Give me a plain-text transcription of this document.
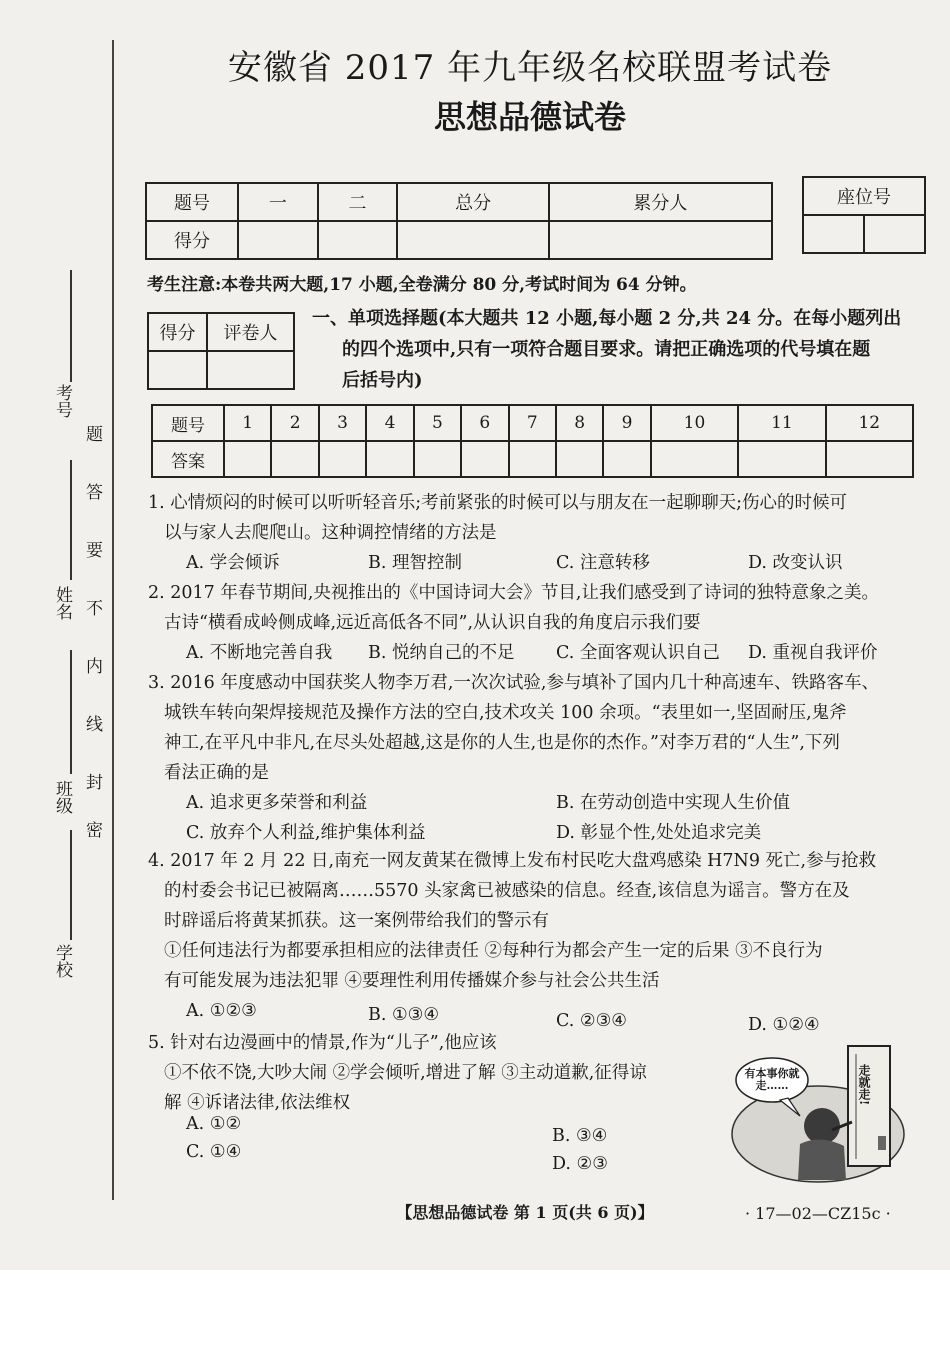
考号
姓名
班级
学校
题
答
要
不
内
线
封
密
安徽省 2017 年九年级名校联盟考试卷
思想品德试卷
题号	一	二	总分	累分人
得分				
座位号

考生注意:本卷共两大题,17 小题,全卷满分 80 分,考试时间为 64 分钟。
得分	评卷人

一、单项选择题(本大题共 12 小题,每小题 2 分,共 24 分。在每小题列出
的四个选项中,只有一项符合题目要求。请把正确选项的代号填在题
后括号内)
题号	1	2	3	4	5	6	7	8	9	10	11	12
答案												
1. 心情烦闷的时候可以听听轻音乐;考前紧张的时候可以与朋友在一起聊聊天;伤心的时候可
以与家人去爬爬山。这种调控情绪的方法是
A. 学会倾诉	B. 理智控制	C. 注意转移	D. 改变认识
2. 2017 年春节期间,央视推出的《中国诗词大会》节目,让我们感受到了诗词的独特意象之美。
古诗“横看成岭侧成峰,远近高低各不同”,从认识自我的角度启示我们要
A. 不断地完善自我 B. 悦纳自己的不足 C. 全面客观认识自己 D. 重视自我评价
3. 2016 年度感动中国获奖人物李万君,一次次试验,参与填补了国内几十种高速车、铁路客车、
城铁车转向架焊接规范及操作方法的空白,技术攻关 100 余项。“表里如一,坚固耐压,鬼斧
神工,在平凡中非凡,在尽头处超越,这是你的人生,也是你的杰作。”对李万君的“人生”,下列
看法正确的是
A. 追求更多荣誉和利益	B. 在劳动创造中实现人生价值
C. 放弃个人利益,维护集体利益	D. 彰显个性,处处追求完美
4. 2017 年 2 月 22 日,南充一网友黄某在微博上发布村民吃大盘鸡感染 H7N9 死亡,参与抢救
的村委会书记已被隔离……5570 头家禽已被感染的信息。经查,该信息为谣言。警方在及
时辟谣后将黄某抓获。这一案例带给我们的警示有
①任何违法行为都要承担相应的法律责任 ②每种行为都会产生一定的后果 ③不良行为
有可能发展为违法犯罪 ④要理性利用传播媒介参与社会公共生活
A. ①②③	B. ①③④	C. ②③④	D. ①②④
5. 针对右边漫画中的情景,作为“儿子”,他应该
①不依不饶,大吵大闹 ②学会倾听,增进了解 ③主动道歉,征得谅
解 ④诉诸法律,依法维权
A. ①②
B. ③④
C. ①④
D. ②③
有本事你就走……	走就走!
【思想品德试卷 第 1 页(共 6 页)】	· 17—02—CZ15c ·
